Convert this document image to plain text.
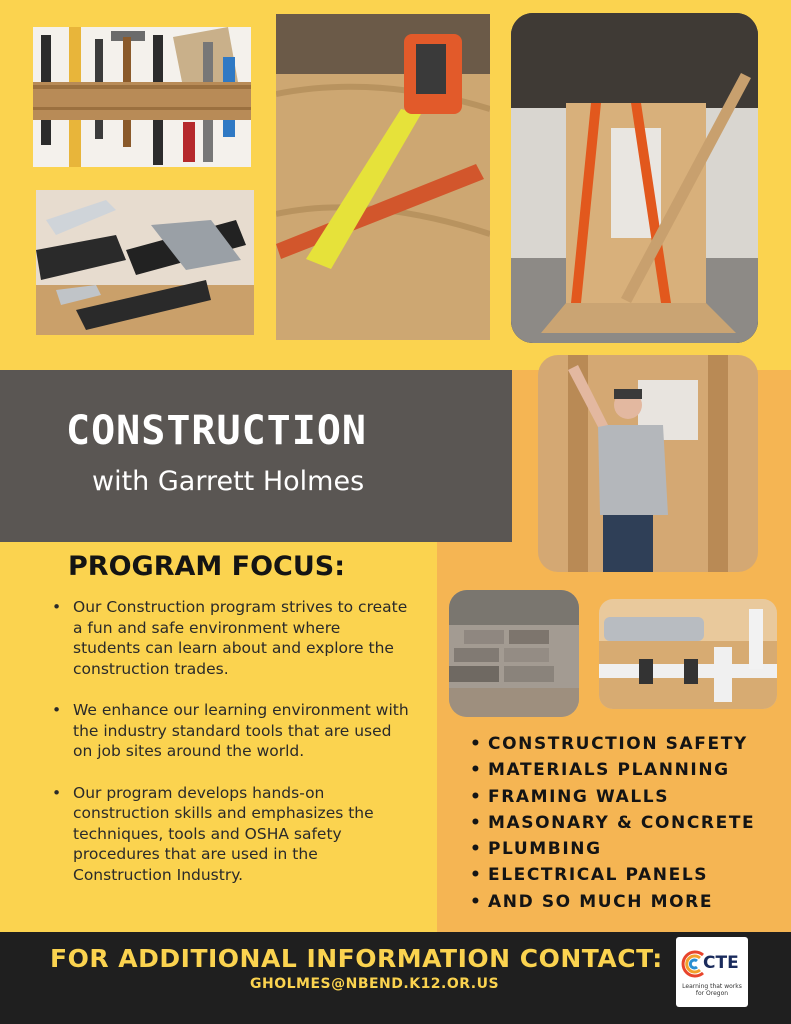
CONSTRUCTION

with Garrett Holmes

PROGRAM FOCUS:
• Our Construction program strives to create a fun and safe environment where students can learn about and explore the construction trades.
• We enhance our learning environment with the industry standard tools that are used on job sites around the world.
• Our program develops hands-on construction skills and emphasizes the techniques, tools and OSHA safety procedures that are used in the Construction Industry.
• CONSTRUCTION SAFETY
• MATERIALS PLANNING
• FRAMING WALLS
• MASONARY & CONCRETE
• PLUMBING
• ELECTRICAL PANELS
• AND SO MUCH MORE

FOR ADDITIONAL INFORMATION CONTACT:

GHOLMES@NBEND.K12.OR.US

CTE
Learning that works
for Oregon
